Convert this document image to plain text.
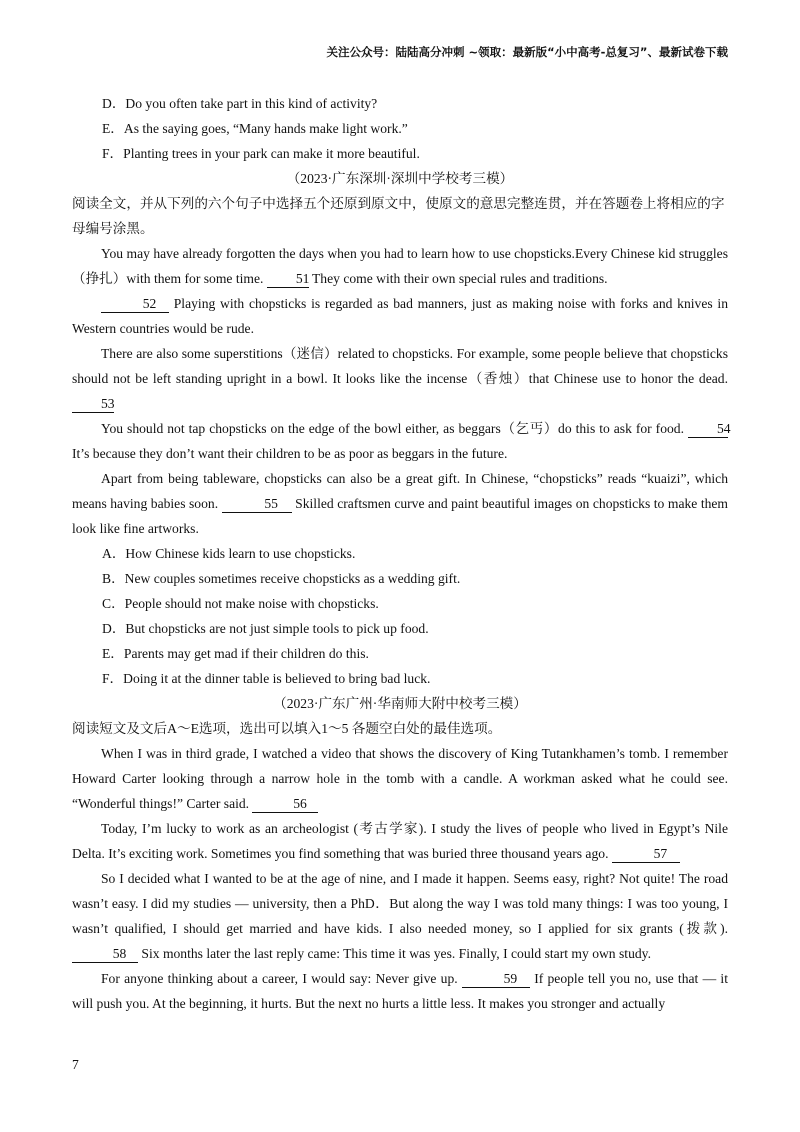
关注公众号：陆陆高分冲刺 ~领取：最新版“小中高考-总复习”、最新试卷下载

D．Do you often take part in this kind of activity?

E．As the saying goes, “Many hands make light work.”

F．Planting trees in your park can make it more beautiful.

（2023·广东深圳·深圳中学校考三模）

阅读全文，并从下列的六个句子中选择五个还原到原文中，使原文的意思完整连贯，并在答题卷上将相应的字母编号涂黑。

You may have already forgotten the days when you had to learn how to use chopsticks.Every Chinese kid struggles（挣扎）with them for some time. 51 They come with their own special rules and traditions.

52 Playing with chopsticks is regarded as bad manners, just as making noise with forks and knives in Western countries would be rude.

There are also some superstitions（迷信）related to chopsticks. For example, some people believe that chopsticks should not be left standing upright in a bowl. It looks like the incense（香烛）that Chinese use to honor the dead. 53

You should not tap chopsticks on the edge of the bowl either, as beggars（乞丐）do this to ask for food. 54 It’s because they don’t want their children to be as poor as beggars in the future.

Apart from being tableware, chopsticks can also be a great gift. In Chinese, “chopsticks” reads “kuaizi”, which means having babies soon.	55 Skilled craftsmen curve and paint beautiful images on chopsticks to make them look like fine artworks.

A．How Chinese kids learn to use chopsticks.

B．New couples sometimes receive chopsticks as a wedding gift.

C．People should not make noise with chopsticks.

D．But chopsticks are not just simple tools to pick up food.

E．Parents may get mad if their children do this.

F．Doing it at the dinner table is believed to bring bad luck.

（2023·广东广州·华南师大附中校考三模）

阅读短文及文后A～E选项，选出可以填入1～5 各题空白处的最佳选项。

When I was in third grade, I watched a video that shows the discovery of King Tutankhamen’s tomb. I remember Howard Carter looking through a narrow hole in the tomb with a candle. A workman asked what he could see. “Wonderful things!” Carter said.	56

Today, I’m lucky to work as an archeologist (考古学家). I study the lives of people who lived in Egypt’s Nile Delta. It’s exciting work. Sometimes you find something that was buried three thousand years ago.	57

So I decided what I wanted to be at the age of nine, and I made it happen. Seems easy, right? Not quite! The road wasn’t easy. I did my studies — university, then a PhD．But along the way I was told many things: I was too young, I wasn’t qualified, I should get married and have kids. I also needed money, so I applied for six grants (拨款). 58 Six months later the last reply came: This time it was yes. Finally, I could start my own study.

For anyone thinking about a career, I would say: Never give up.	59 If people tell you no, use that — it will push you. At the beginning, it hurts. But the next no hurts a little less. It makes you stronger and actually

7
